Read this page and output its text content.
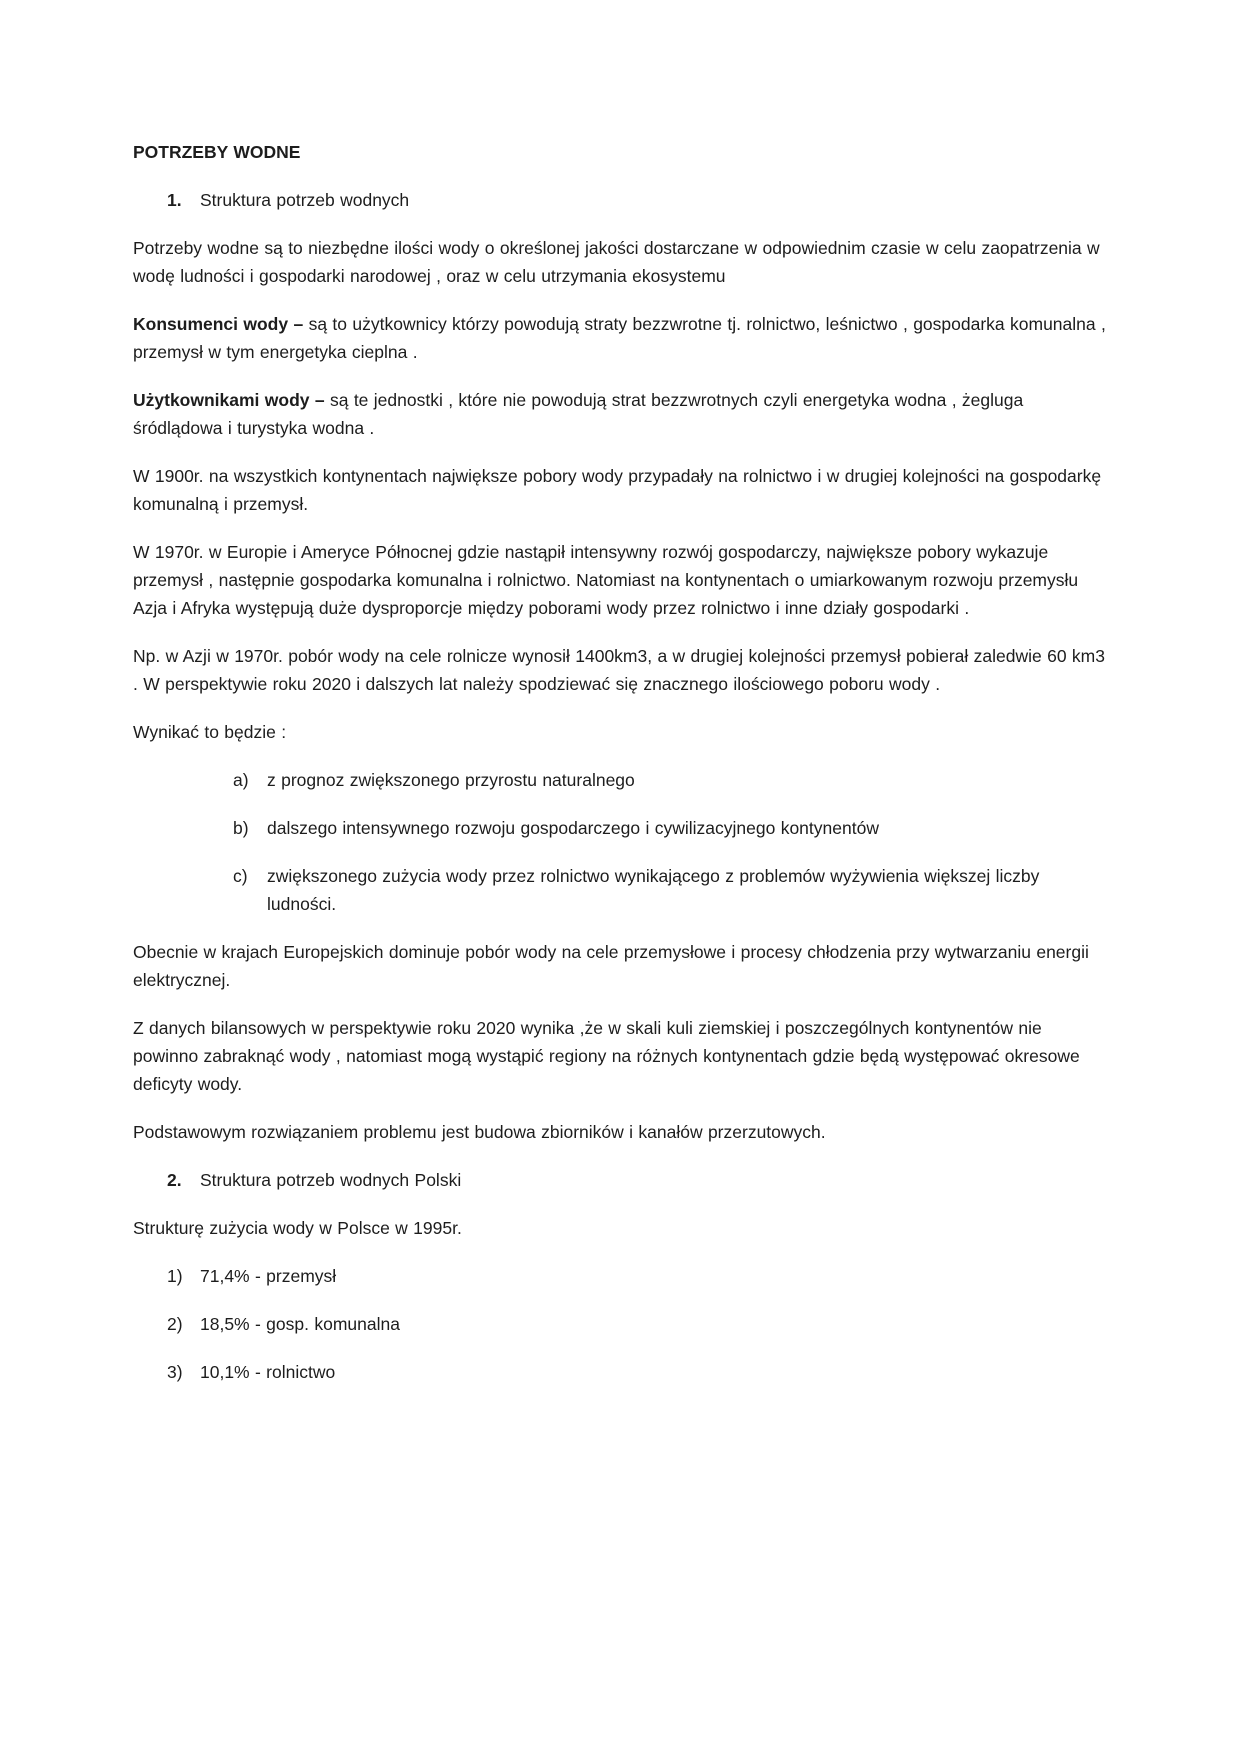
POTRZEBY WODNE
1.	Struktura potrzeb wodnych

Potrzeby wodne są to niezbędne ilości wody o określonej jakości dostarczane w odpowiednim czasie w celu zaopatrzenia w wodę ludności i gospodarki narodowej , oraz w celu utrzymania ekosystemu

Konsumenci wody – są to użytkownicy którzy powodują straty bezzwrotne tj. rolnictwo, leśnictwo , gospodarka komunalna , przemysł w tym energetyka cieplna .

Użytkownikami wody – są te jednostki , które nie powodują strat bezzwrotnych czyli energetyka wodna , żegluga śródlądowa i turystyka wodna .

W 1900r. na wszystkich kontynentach największe pobory wody przypadały na rolnictwo i w drugiej kolejności na gospodarkę komunalną i przemysł.

W 1970r. w Europie i Ameryce Północnej gdzie nastąpił intensywny rozwój gospodarczy, największe pobory wykazuje przemysł , następnie gospodarka komunalna i rolnictwo. Natomiast na kontynentach o umiarkowanym rozwoju przemysłu Azja i Afryka występują duże dysproporcje między poborami wody przez rolnictwo i inne działy gospodarki .

Np. w Azji w 1970r. pobór wody na cele rolnicze wynosił 1400km3, a w drugiej kolejności przemysł pobierał zaledwie 60 km3 . W perspektywie roku 2020 i dalszych lat należy spodziewać się znacznego ilościowego poboru wody .

Wynikać to będzie :

a)	z prognoz zwiększonego przyrostu naturalnego
b)	dalszego intensywnego rozwoju gospodarczego i cywilizacyjnego kontynentów
c)	zwiększonego zużycia wody przez rolnictwo wynikającego z problemów wyżywienia większej liczby ludności.

Obecnie w krajach Europejskich dominuje pobór wody na cele przemysłowe i procesy chłodzenia przy wytwarzaniu energii elektrycznej.

Z danych bilansowych w perspektywie roku 2020 wynika ,że w skali kuli ziemskiej i poszczególnych kontynentów nie powinno zabraknąć wody , natomiast mogą wystąpić regiony na różnych kontynentach gdzie będą występować okresowe deficyty wody.

Podstawowym rozwiązaniem problemu jest budowa zbiorników i kanałów przerzutowych.

2.	Struktura potrzeb wodnych Polski

Strukturę zużycia wody w Polsce w 1995r.

1) 71,4% - przemysł
2) 18,5% - gosp. komunalna
3) 10,1% - rolnictwo
